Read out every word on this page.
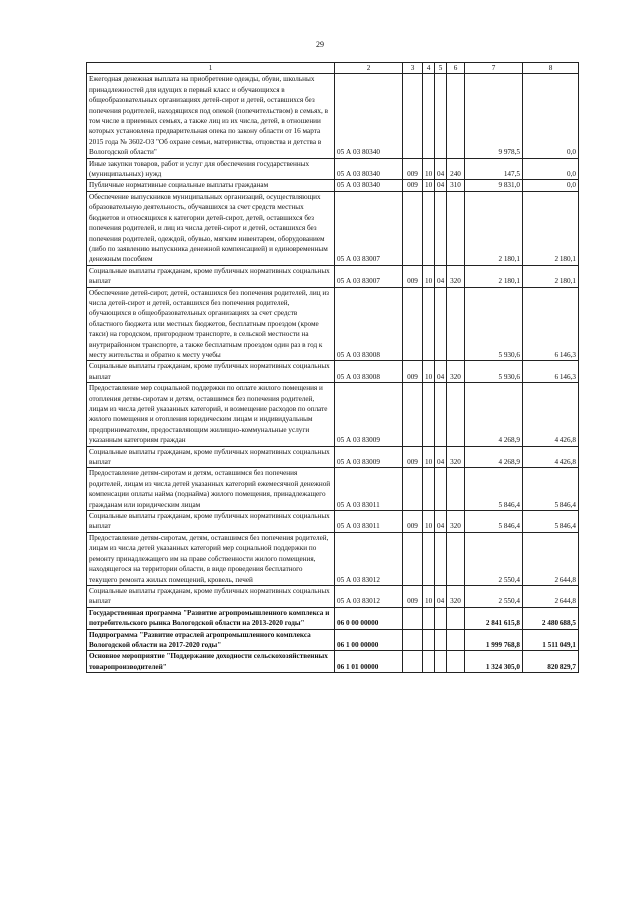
29
1	2	3	4	5	6	7	8
Ежегодная денежная выплата на приобретение одежды, обуви, школьных принадлежностей для идущих в первый класс и обучающихся в общеобразовательных организациях детей-сирот и детей, оставшихся без попечения родителей, находящихся под опекой (попечительством) в семьях, в том числе в приемных семьях, а также лиц из их числа, детей, в отношении которых установлена предварительная опека по закону области от 16 марта 2015 года № 3602-ОЗ "Об охране семьи, материнства, отцовства и детства в Вологодской области"	05 А 03 80340					9 978,5	0,0
Иные закупки товаров, работ и услуг для обеспечения государственных (муниципальных) нужд	05 А 03 80340	009	10	04	240	147,5	0,0
Публичные нормативные социальные выплаты гражданам	05 А 03 80340	009	10	04	310	9 831,0	0,0
Обеспечение выпускников муниципальных организаций, осуществляющих образовательную деятельность, обучавшихся за счет средств местных бюджетов и относящихся к категории детей-сирот, детей, оставшихся без попечения родителей, и лиц из числа детей-сирот и детей, оставшихся без попечения родителей, одеждой, обувью, мягким инвентарем, оборудованием (либо по заявлению выпускника денежной компенсацией) и единовременным денежным пособием	05 А 03 83007					2 180,1	2 180,1
Социальные выплаты гражданам, кроме публичных нормативных социальных выплат	05 А 03 83007	009	10	04	320	2 180,1	2 180,1
Обеспечение детей-сирот, детей, оставшихся без попечения родителей, лиц из числа детей-сирот и детей, оставшихся без попечения родителей, обучающихся в общеобразовательных организациях за счет средств областного бюджета или местных бюджетов, бесплатным проездом (кроме такси) на городском, пригородном транспорте, в сельской местности на внутрирайонном транспорте, а также бесплатным проездом один раз в год к месту жительства и обратно к месту учебы	05 А 03 83008					5 930,6	6 146,3
Социальные выплаты гражданам, кроме публичных нормативных социальных выплат	05 А 03 83008	009	10	04	320	5 930,6	6 146,3
Предоставление мер социальной поддержки по оплате жилого помещения и отопления детям-сиротам и детям, оставшимся без попечения родителей, лицам из числа детей указанных категорий, и возмещение расходов по оплате жилого помещения и отопления юридическим лицам и индивидуальным предпринимателям, предоставляющим жилищно-коммунальные услуги указанным категориям граждан	05 А 03 83009					4 268,9	4 426,8
Социальные выплаты гражданам, кроме публичных нормативных социальных выплат	05 А 03 83009	009	10	04	320	4 268,9	4 426,8
Предоставление детям-сиротам и детям, оставшимся без попечения родителей, лицам из числа детей указанных категорий ежемесячной денежной компенсации оплаты найма (поднайма) жилого помещения, принадлежащего гражданам или юридическим лицам	05 А 03 83011					5 846,4	5 846,4
Социальные выплаты гражданам, кроме публичных нормативных социальных выплат	05 А 03 83011	009	10	04	320	5 846,4	5 846,4
Предоставление детям-сиротам, детям, оставшимся без попечения родителей, лицам из числа детей указанных категорий мер социальной поддержки по ремонту принадлежащего им на праве собственности жилого помещения, находящегося на территории области, в виде проведения бесплатного текущего ремонта жилых помещений, кровель, печей	05 А 03 83012					2 550,4	2 644,8
Социальные выплаты гражданам, кроме публичных нормативных социальных выплат	05 А 03 83012	009	10	04	320	2 550,4	2 644,8
Государственная программа "Развитие агропромышленного комплекса и потребительского рынка Вологодской области на 2013-2020 годы"	06 0 00 00000					2 841 615,8	2 480 688,5
Подпрограмма "Развитие отраслей агропромышленного комплекса Вологодской области на 2017-2020 годы"	06 1 00 00000					1 999 768,8	1 511 049,1
Основное мероприятие "Поддержание доходности сельскохозяйственных товаропроизводителей"	06 1 01 00000					1 324 305,0	820 829,7
